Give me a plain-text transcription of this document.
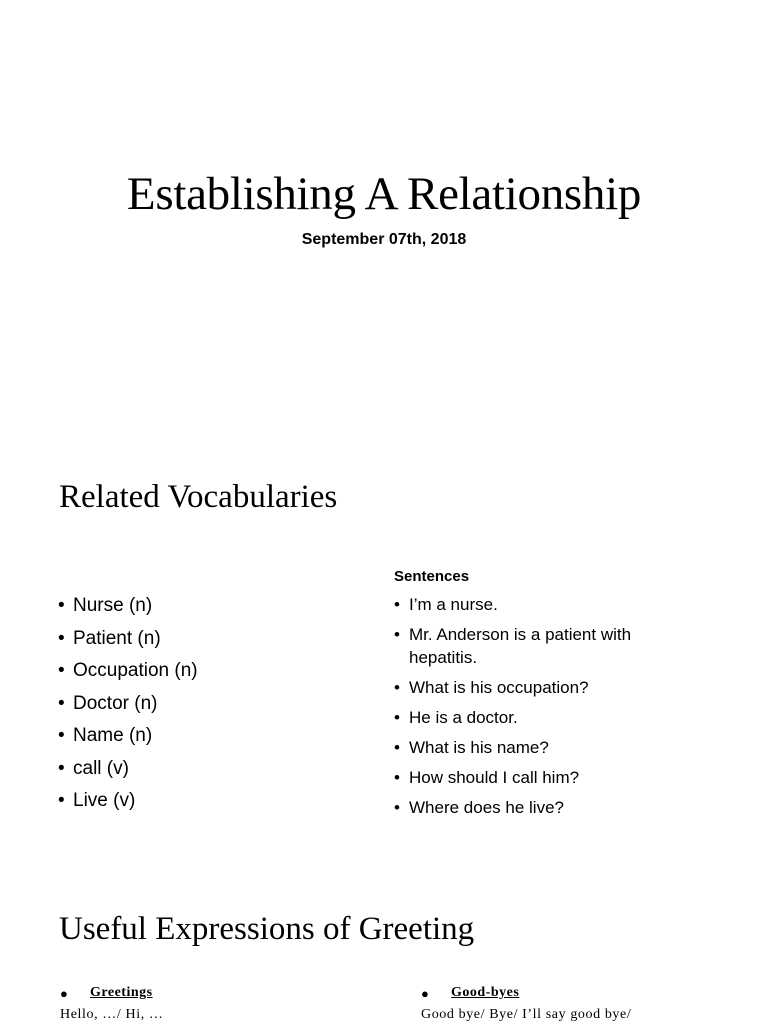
Establishing A Relationship
September 07th, 2018
Related Vocabularies
• Nurse (n)
• Patient (n)
• Occupation (n)
• Doctor (n)
• Name (n)
• call (v)
• Live (v)
Sentences
• I’m a nurse.
• Mr. Anderson is a patient with hepatitis.
• What is his occupation?
• He is a doctor.
• What is his name?
• How should I call him?
• Where does he live?
Useful Expressions of Greeting
● Greetings
Hello, …/ Hi, …
● Good-byes
Good bye/ Bye/ I’ll say good bye/
